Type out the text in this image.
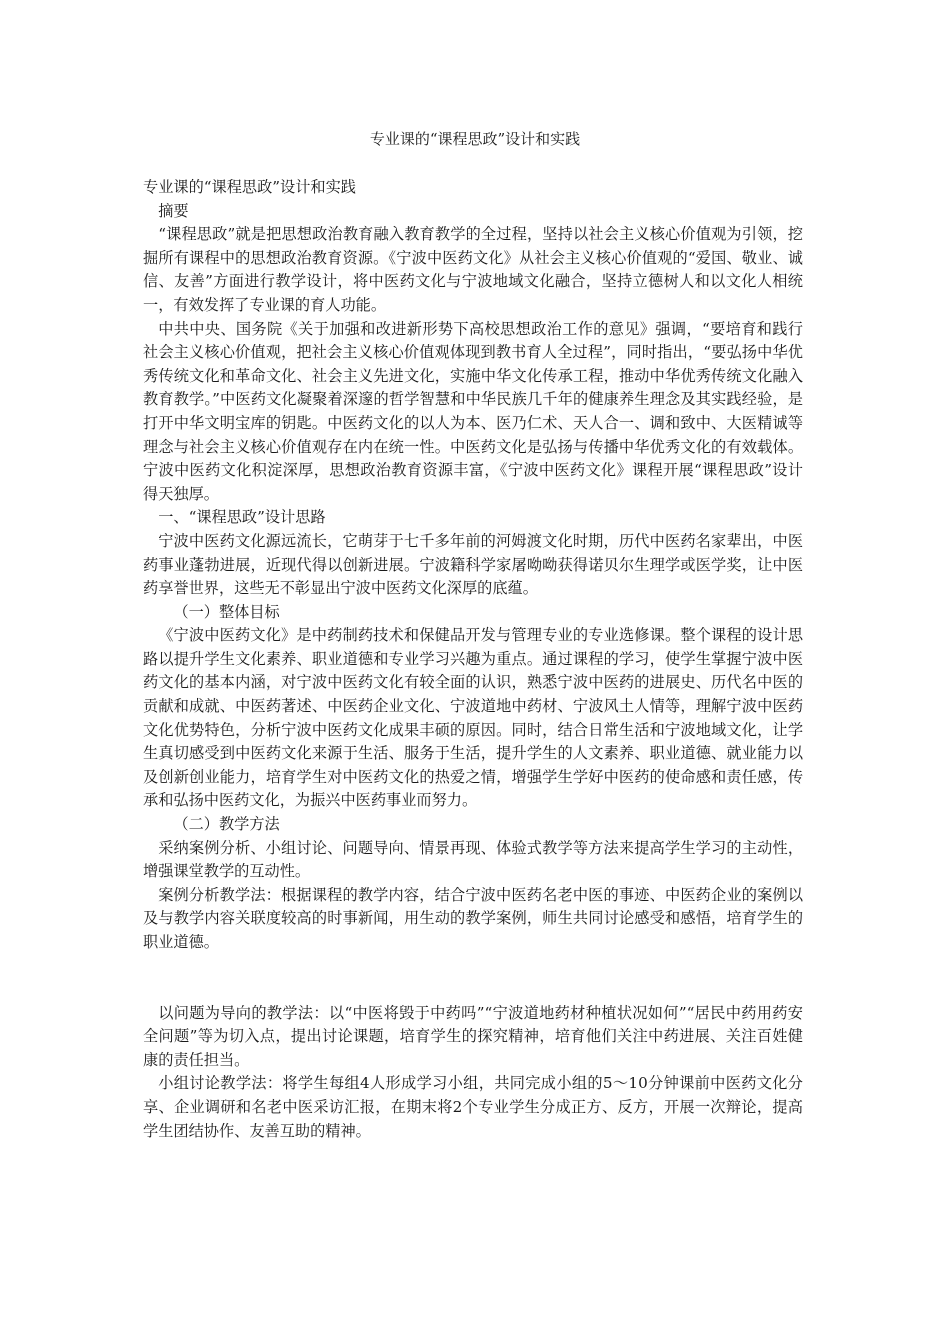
专业课的“课程思政”设计和实践

专业课的“课程思政”设计和实践

摘要

“课程思政”就是把思想政治教育融入教育教学的全过程，坚持以社会主义核心价值观为引领，挖掘所有课程中的思想政治教育资源。《宁波中医药文化》从社会主义核心价值观的“爱国、敬业、诚信、友善”方面进行教学设计，将中医药文化与宁波地域文化融合，坚持立德树人和以文化人相统一，有效发挥了专业课的育人功能。

中共中央、国务院《关于加强和改进新形势下高校思想政治工作的意见》强调，“要培育和践行社会主义核心价值观，把社会主义核心价值观体现到教书育人全过程”，同时指出，“要弘扬中华优秀传统文化和革命文化、社会主义先进文化，实施中华文化传承工程，推动中华优秀传统文化融入教育教学。”中医药文化凝聚着深邃的哲学智慧和中华民族几千年的健康养生理念及其实践经验，是打开中华文明宝库的钥匙。中医药文化的以人为本、医乃仁术、天人合一、调和致中、大医精诚等理念与社会主义核心价值观存在内在统一性。中医药文化是弘扬与传播中华优秀文化的有效载体。宁波中医药文化积淀深厚，思想政治教育资源丰富，《宁波中医药文化》课程开展“课程思政”设计得天独厚。

一、“课程思政”设计思路

宁波中医药文化源远流长，它萌芽于七千多年前的河姆渡文化时期，历代中医药名家辈出，中医药事业蓬勃进展，近现代得以创新进展。宁波籍科学家屠呦呦获得诺贝尔生理学或医学奖，让中医药享誉世界，这些无不彰显出宁波中医药文化深厚的底蕴。

（一）整体目标

《宁波中医药文化》是中药制药技术和保健品开发与管理专业的专业选修课。整个课程的设计思路以提升学生文化素养、职业道德和专业学习兴趣为重点。通过课程的学习，使学生掌握宁波中医药文化的基本内涵，对宁波中医药文化有较全面的认识，熟悉宁波中医药的进展史、历代名中医的贡献和成就、中医药著述、中医药企业文化、宁波道地中药材、宁波风土人情等，理解宁波中医药文化优势特色，分析宁波中医药文化成果丰硕的原因。同时，结合日常生活和宁波地域文化，让学生真切感受到中医药文化来源于生活、服务于生活，提升学生的人文素养、职业道德、就业能力以及创新创业能力，培育学生对中医药文化的热爱之情，增强学生学好中医药的使命感和责任感，传承和弘扬中医药文化，为振兴中医药事业而努力。

（二）教学方法

采纳案例分析、小组讨论、问题导向、情景再现、体验式教学等方法来提高学生学习的主动性，增强课堂教学的互动性。

案例分析教学法：根据课程的教学内容，结合宁波中医药名老中医的事迹、中医药企业的案例以及与教学内容关联度较高的时事新闻，用生动的教学案例，师生共同讨论感受和感悟，培育学生的职业道德。

以问题为导向的教学法：以“中医将毁于中药吗”“宁波道地药材种植状况如何”“居民中药用药安全问题”等为切入点，提出讨论课题，培育学生的探究精神，培育他们关注中药进展、关注百姓健康的责任担当。

小组讨论教学法：将学生每组4人形成学习小组，共同完成小组的5～10分钟课前中医药文化分享、企业调研和名老中医采访汇报，在期末将2个专业学生分成正方、反方，开展一次辩论，提高学生团结协作、友善互助的精神。
